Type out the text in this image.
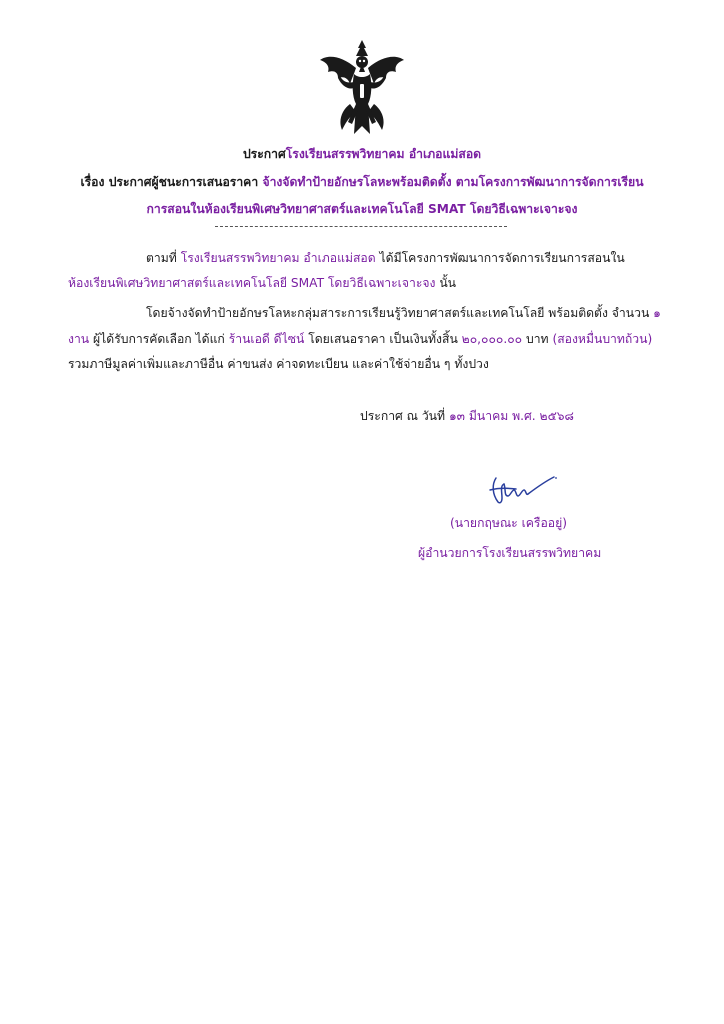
ประกาศโรงเรียนสรรพวิทยาคม อำเภอแม่สอด
เรื่อง ประกาศผู้ชนะการเสนอราคา จ้างจัดทำป้ายอักษรโลหะพร้อมติดตั้ง ตามโครงการพัฒนาการจัดการเรียน
การสอนในห้องเรียนพิเศษวิทยาศาสตร์และเทคโนโลยี SMAT โดยวิธีเฉพาะเจาะจง
ตามที่ โรงเรียนสรรพวิทยาคม อำเภอแม่สอด ได้มีโครงการพัฒนาการจัดการเรียนการสอนใน
ห้องเรียนพิเศษวิทยาศาสตร์และเทคโนโลยี SMAT โดยวิธีเฉพาะเจาะจง นั้น
โดยจ้างจัดทำป้ายอักษรโลหะกลุ่มสาระการเรียนรู้วิทยาศาสตร์และเทคโนโลยี พร้อมติดตั้ง จำนวน ๑
งาน ผู้ได้รับการคัดเลือก ได้แก่ ร้านเอดี ดีไซน์ โดยเสนอราคา เป็นเงินทั้งสิ้น ๒๐,๐๐๐.๐๐ บาท (สองหมื่นบาทถ้วน)
รวมภาษีมูลค่าเพิ่มและภาษีอื่น ค่าขนส่ง ค่าจดทะเบียน และค่าใช้จ่ายอื่น ๆ ทั้งปวง
ประกาศ ณ วันที่ ๑๓ มีนาคม พ.ศ. ๒๕๖๘
(นายกฤษณะ เครืออยู่)
ผู้อำนวยการโรงเรียนสรรพวิทยาคม
